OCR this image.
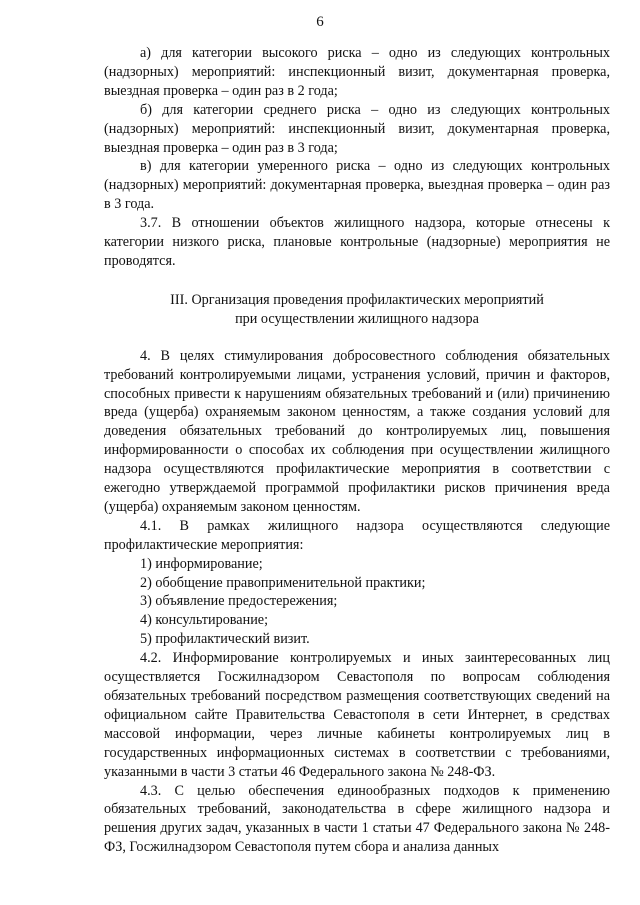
6

а) для категории высокого риска – одно из следующих контрольных (надзорных) мероприятий: инспекционный визит, документарная проверка, выездная проверка – один раз в 2 года;

б) для категории среднего риска – одно из следующих контрольных (надзорных) мероприятий: инспекционный визит, документарная проверка, выездная проверка – один раз в 3 года;

в) для категории умеренного риска – одно из следующих контрольных (надзорных) мероприятий: документарная проверка, выездная проверка – один раз в 3 года.

3.7. В отношении объектов жилищного надзора, которые отнесены к категории низкого риска, плановые контрольные (надзорные) мероприятия не проводятся.

III. Организация проведения профилактических мероприятий
при осуществлении жилищного надзора

4. В целях стимулирования добросовестного соблюдения обязательных требований контролируемыми лицами, устранения условий, причин и факторов, способных привести к нарушениям обязательных требований и (или) причинению вреда (ущерба) охраняемым законом ценностям, а также создания условий для доведения обязательных требований до контролируемых лиц, повышения информированности о способах их соблюдения при осуществлении жилищного надзора осуществляются профилактические мероприятия в соответствии с ежегодно утверждаемой программой профилактики рисков причинения вреда (ущерба) охраняемым законом ценностям.

4.1. В рамках жилищного надзора осуществляются следующие профилактические мероприятия:

1) информирование;

2) обобщение правоприменительной практики;

3) объявление предостережения;

4) консультирование;

5) профилактический визит.

4.2. Информирование контролируемых и иных заинтересованных лиц осуществляется Госжилнадзором Севастополя по вопросам соблюдения обязательных требований посредством размещения соответствующих сведений на официальном сайте Правительства Севастополя в сети Интернет, в средствах массовой информации, через личные кабинеты контролируемых лиц в государственных информационных системах в соответствии с требованиями, указанными в части 3 статьи 46 Федерального закона № 248-ФЗ.

4.3. С целью обеспечения единообразных подходов к применению обязательных требований, законодательства в сфере жилищного надзора и решения других задач, указанных в части 1 статьи 47 Федерального закона № 248-ФЗ, Госжилнадзором Севастополя путем сбора и анализа данных
